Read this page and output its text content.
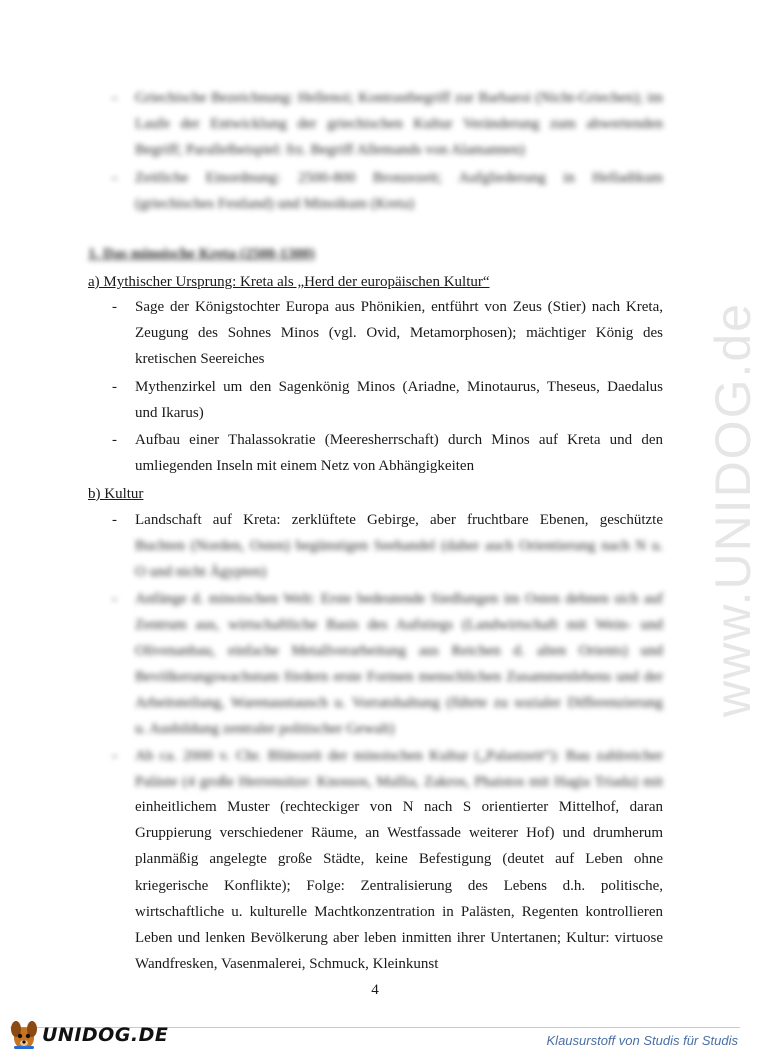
www.UNIDOG.de
- Griechische Bezeichnung: Hellenoi; Kontrastbegriff zur Barbaroi (Nicht-Griechen); im
Laufe der Entwicklung der griechischen Kultur Veränderung zum abwertenden
Begriff; Parallelbeispiel: frz. Begriff Allemands von Alamannen)
- Zeitliche Einordnung: 2500-800 Bronzezeit; Aufgliederung in Helladikum
(griechisches Festland) und Minoikum (Kreta)
1. Das minoische Kreta (2500-1300)
a) Mythischer Ursprung: Kreta als „Herd der europäischen Kultur“
- Sage der Königstochter Europa aus Phönikien, entführt von Zeus (Stier) nach Kreta,
Zeugung des Sohnes Minos (vgl. Ovid, Metamorphosen); mächtiger König des
kretischen Seereiches
- Mythenzirkel um den Sagenkönig Minos (Ariadne, Minotaurus, Theseus, Daedalus
und Ikarus)
- Aufbau einer Thalassokratie (Meeresherrschaft) durch Minos auf Kreta und den
umliegenden Inseln mit einem Netz von Abhängigkeiten
b) Kultur
- Landschaft auf Kreta: zerklüftete Gebirge, aber fruchtbare Ebenen, geschützte
Buchten (Norden, Osten) begünstigen Seehandel (daher auch Orientierung nach N u.
O und nicht Ägypten)
- Anfänge d. minoischen Welt: Erste bedeutende Siedlungen im Osten dehnen sich auf
Zentrum aus, wirtschaftliche Basis des Aufstiegs (Landwirtschaft mit Wein- und
Olivenanbau, einfache Metallverarbeitung aus Reichen d. alten Orients) und
Bevölkerungswachstum fördern erste Formen menschlichen Zusammenlebens und der
Arbeitsteilung, Warenaustausch u. Vorratshaltung (führte zu sozialer Differenzierung
u. Ausbildung zentraler politischer Gewalt)
- Ab ca. 2000 v. Chr. Blütezeit der minoischen Kultur („Palastzeit“): Bau zahlreicher
Paläste (4 große Herrensitze: Knossos, Mallia, Zakros, Phaistos mit Hagia Triada) mit
einheitlichem Muster (rechteckiger von N nach S orientierter Mittelhof, daran
Gruppierung verschiedener Räume, an Westfassade weiterer Hof) und drumherum
planmäßig angelegte große Städte, keine Befestigung (deutet auf Leben ohne
kriegerische Konflikte); Folge: Zentralisierung des Lebens d.h. politische,
wirtschaftliche u. kulturelle Machtkonzentration in Palästen, Regenten kontrollieren
Leben und lenken Bevölkerung aber leben inmitten ihrer Untertanen; Kultur: virtuose
Wandfresken, Vasenmalerei, Schmuck, Kleinkunst
4
UNIDOG.DE	Klausurstoff von Studis für Studis
